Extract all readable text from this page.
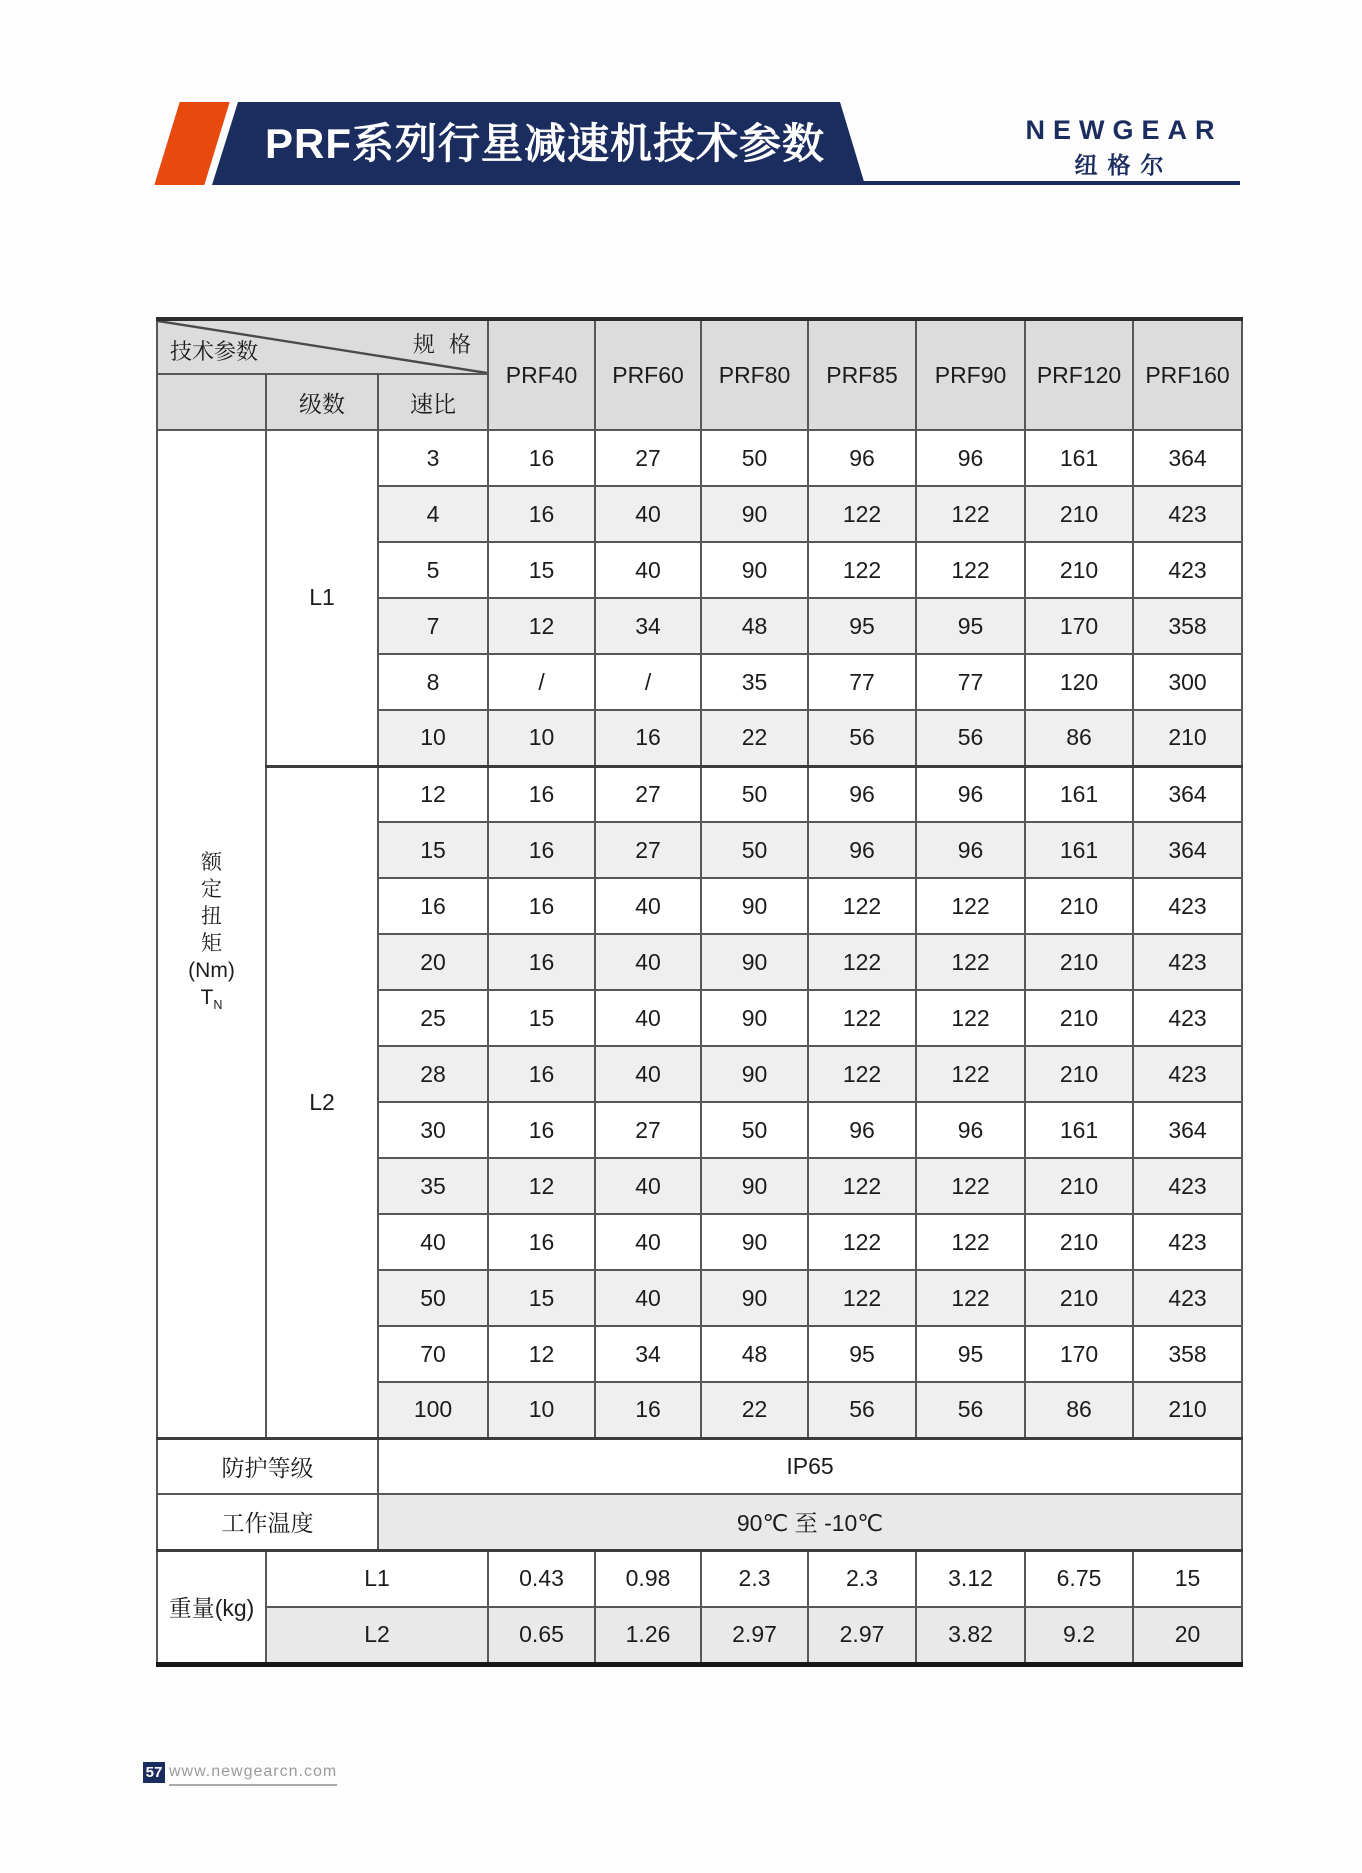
PRF系列行星减速机技术参数	NEWGEAR
纽格尔
规 格
技术参数			PRF40	PRF60	PRF80	PRF85	PRF90	PRF120	PRF160
	级数	速比							

额
定
扭
矩
(Nm)
$T_N$
	L1	3	16	27	50	96	96	161	364
		4	16	40	90	122	122	210	423
		5	15	40	90	122	122	210	423
		7	12	34	48	95	95	170	358
		8	/	/	35	77	77	120	300
		10	10	16	22	56	56	86	210
	L2	12	16	27	50	96	96	161	364
		15	16	27	50	96	96	161	364
		16	16	40	90	122	122	210	423
		20	16	40	90	122	122	210	423
		25	15	40	90	122	122	210	423
		28	16	40	90	122	122	210	423
		30	16	27	50	96	96	161	364
		35	12	40	90	122	122	210	423
		40	16	40	90	122	122	210	423
		50	15	40	90	122	122	210	423
		70	12	34	48	95	95	170	358
		100	10	16	22	56	56	86	210
防护等级		IP65							
工作温度		90℃ 至 -10℃							
重量(kg)	L1		0.43	0.98	2.3	2.3	3.12	6.75	15
	L2		0.65	1.26	2.97	2.97	3.82	9.2	20
57 www.newgearcn.com
